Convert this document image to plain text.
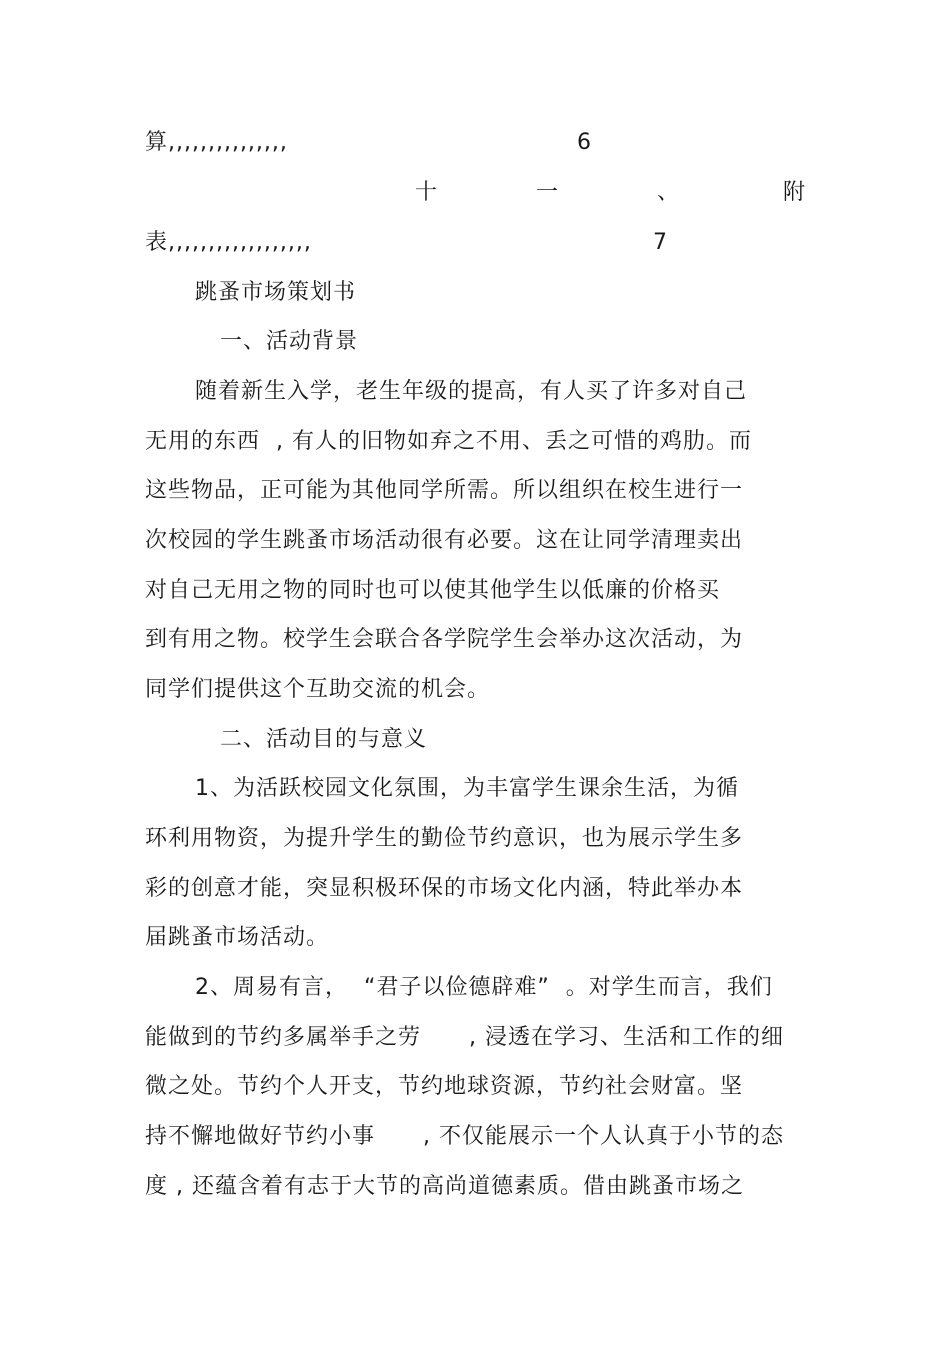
算,,,,,,,,,,,,,,,	6
十	一	、	附
表,,,,,,,,,,,,,,,,,,	7
跳蚤市场策划书
一、活动背景
随着新生入学，老生年级的提高，有人买了许多对自己
无用的东西  , 有人的旧物如弃之不用、丢之可惜的鸡肋。而
这些物品，正可能为其他同学所需。所以组织在校生进行一
次校园的学生跳蚤市场活动很有必要。这在让同学清理卖出
对自己无用之物的同时也可以使其他学生以低廉的价格买
到有用之物。校学生会联合各学院学生会举办这次活动，为
同学们提供这个互助交流的机会。
二、活动目的与意义
1、为活跃校园文化氛围，为丰富学生课余生活，为循
环利用物资，为提升学生的勤俭节约意识，也为展示学生多
彩的创意才能，突显积极环保的市场文化内涵，特此举办本
届跳蚤市场活动。
2、周易有言，  “君子以俭德辟难”  。对学生而言，我们
能做到的节约多属举手之劳      , 浸透在学习、生活和工作的细
微之处。节约个人开支，节约地球资源，节约社会财富。坚
持不懈地做好节约小事      , 不仅能展示一个人认真于小节的态
度 , 还蕴含着有志于大节的高尚道德素质。借由跳蚤市场之
